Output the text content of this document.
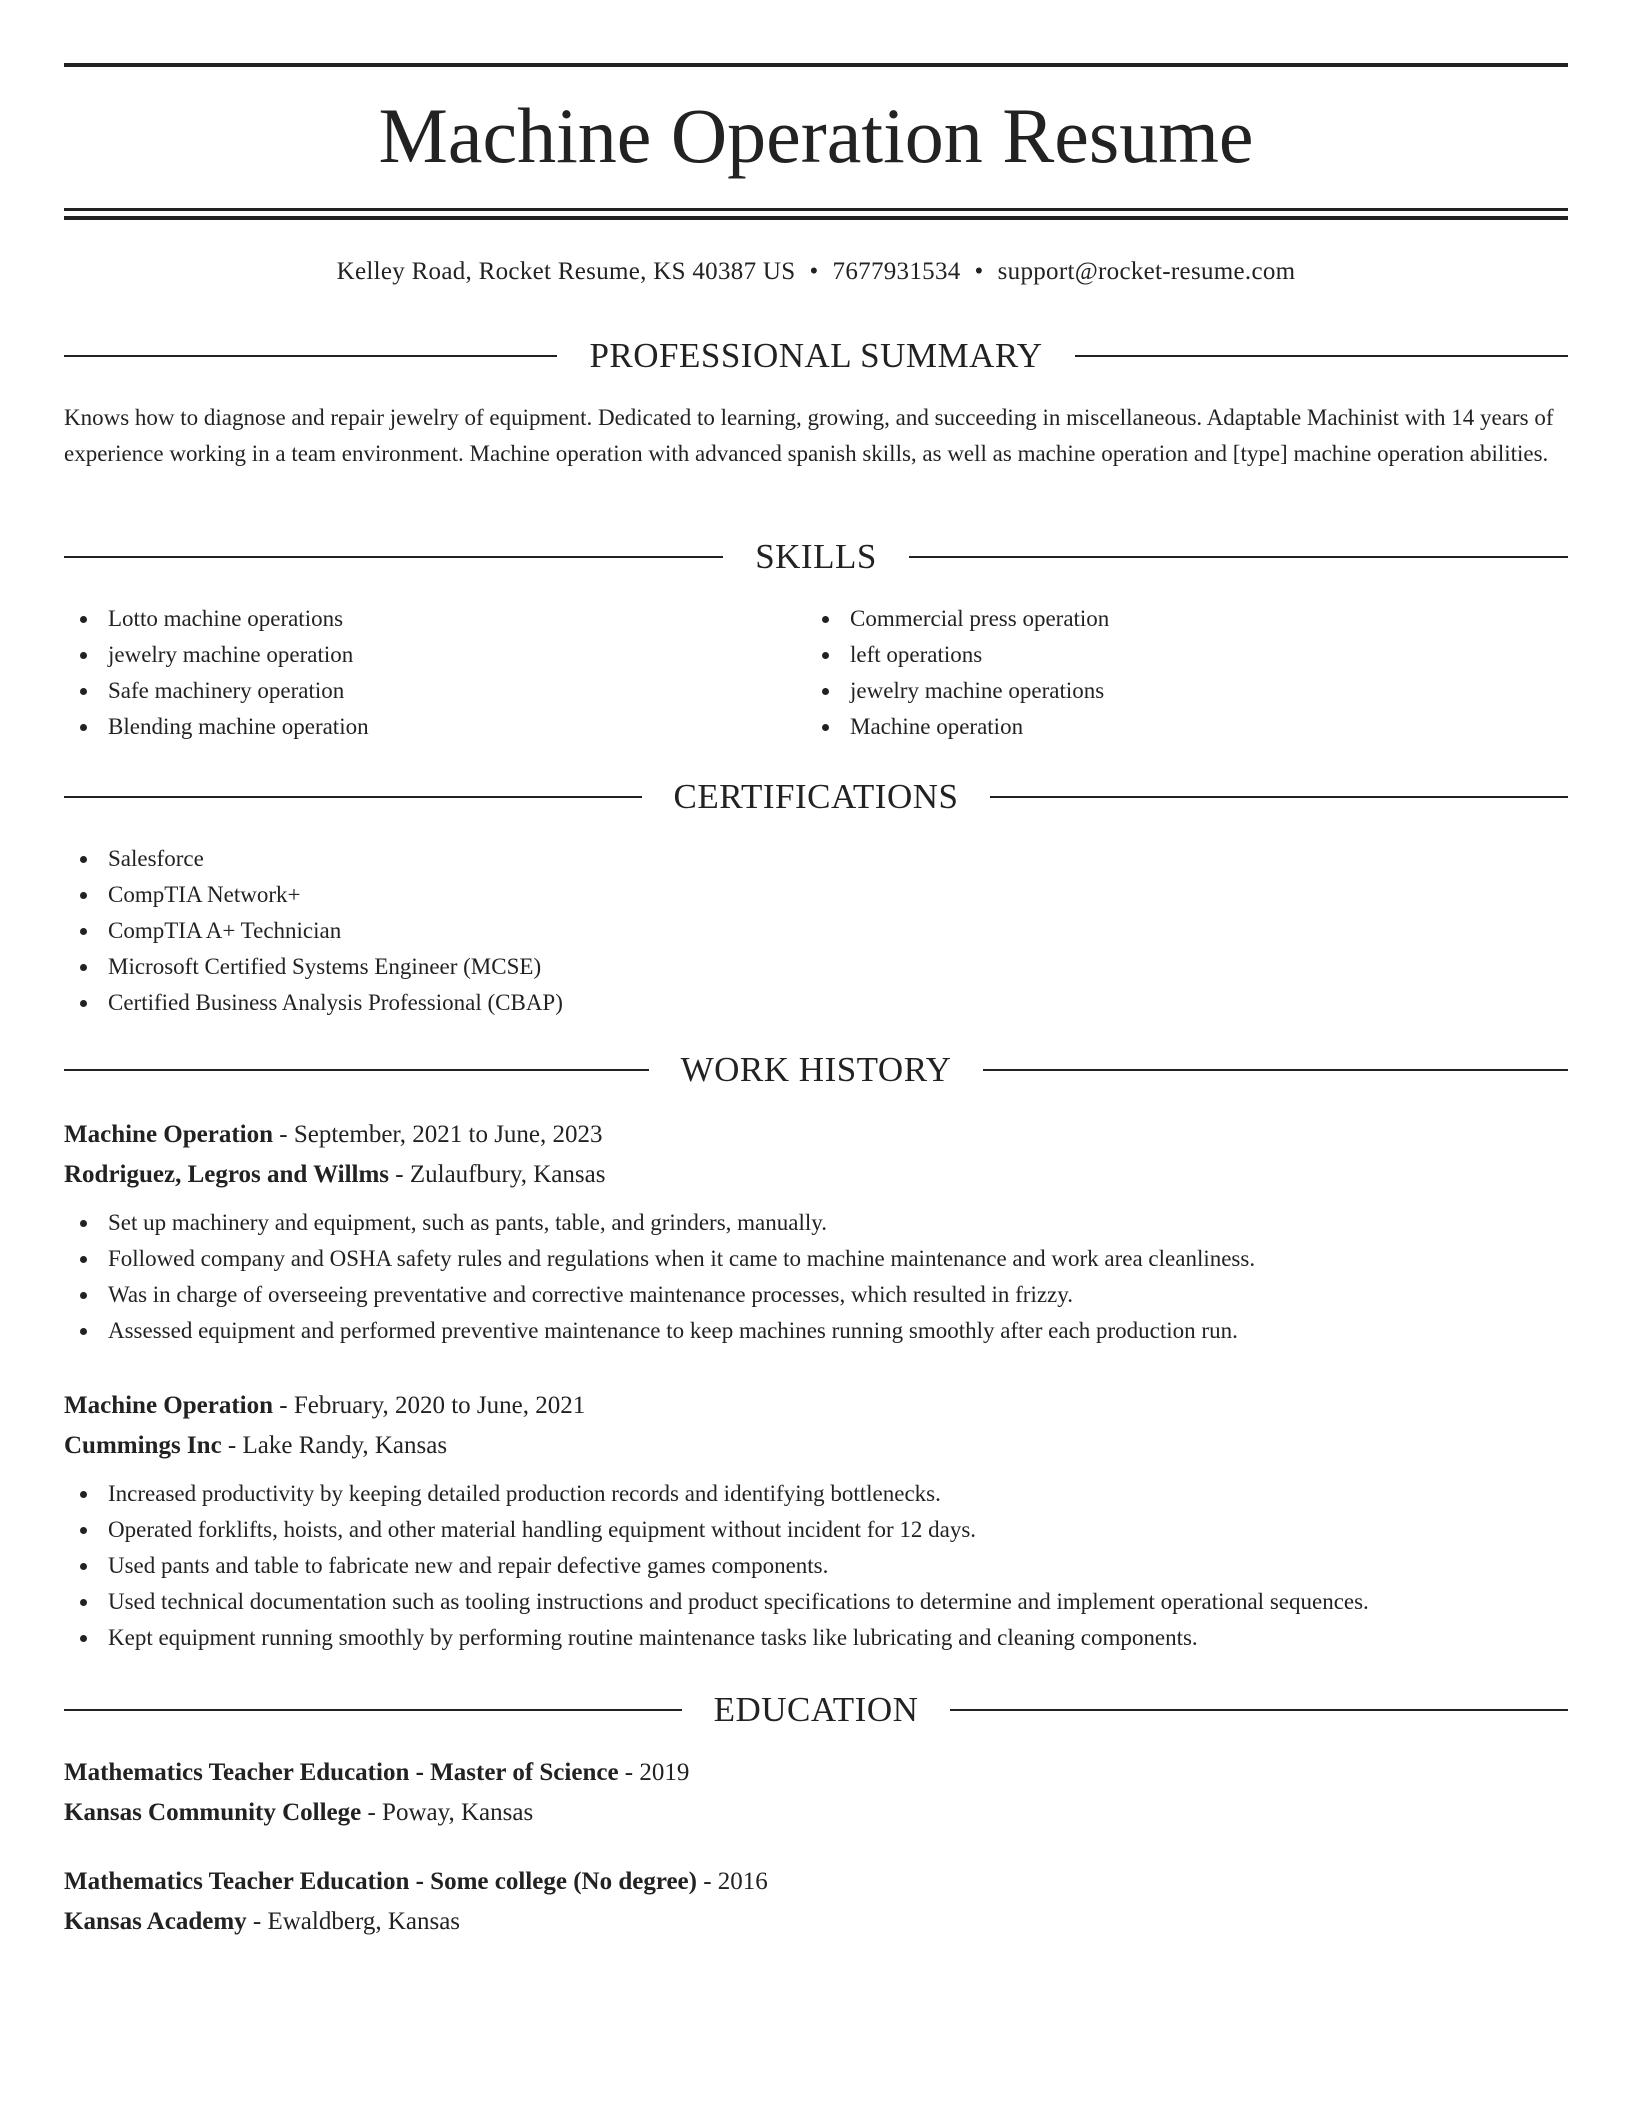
Machine Operation Resume
Kelley Road, Rocket Resume, KS 40387 US • 7677931534 • support@rocket-resume.com
PROFESSIONAL SUMMARY

Knows how to diagnose and repair jewelry of equipment. Dedicated to learning, growing, and succeeding in miscellaneous. Adaptable Machinist with 14 years of experience working in a team environment. Machine operation with advanced spanish skills, as well as machine operation and [type] machine operation abilities.

SKILLS
Lotto machine operations
jewelry machine operation
Safe machinery operation
Blending machine operation
Commercial press operation
left operations
jewelry machine operations
Machine operation
CERTIFICATIONS
Salesforce
CompTIA Network+
CompTIA A+ Technician
Microsoft Certified Systems Engineer (MCSE)
Certified Business Analysis Professional (CBAP)
WORK HISTORY
Machine Operation - September, 2021 to June, 2023
Rodriguez, Legros and Willms - Zulaufbury, Kansas
Set up machinery and equipment, such as pants, table, and grinders, manually.
Followed company and OSHA safety rules and regulations when it came to machine maintenance and work area cleanliness.
Was in charge of overseeing preventative and corrective maintenance processes, which resulted in frizzy.
Assessed equipment and performed preventive maintenance to keep machines running smoothly after each production run.
Machine Operation - February, 2020 to June, 2021
Cummings Inc - Lake Randy, Kansas
Increased productivity by keeping detailed production records and identifying bottlenecks.
Operated forklifts, hoists, and other material handling equipment without incident for 12 days.
Used pants and table to fabricate new and repair defective games components.
Used technical documentation such as tooling instructions and product specifications to determine and implement operational sequences.
Kept equipment running smoothly by performing routine maintenance tasks like lubricating and cleaning components.
EDUCATION
Mathematics Teacher Education - Master of Science - 2019
Kansas Community College - Poway, Kansas
Mathematics Teacher Education - Some college (No degree) - 2016
Kansas Academy - Ewaldberg, Kansas
